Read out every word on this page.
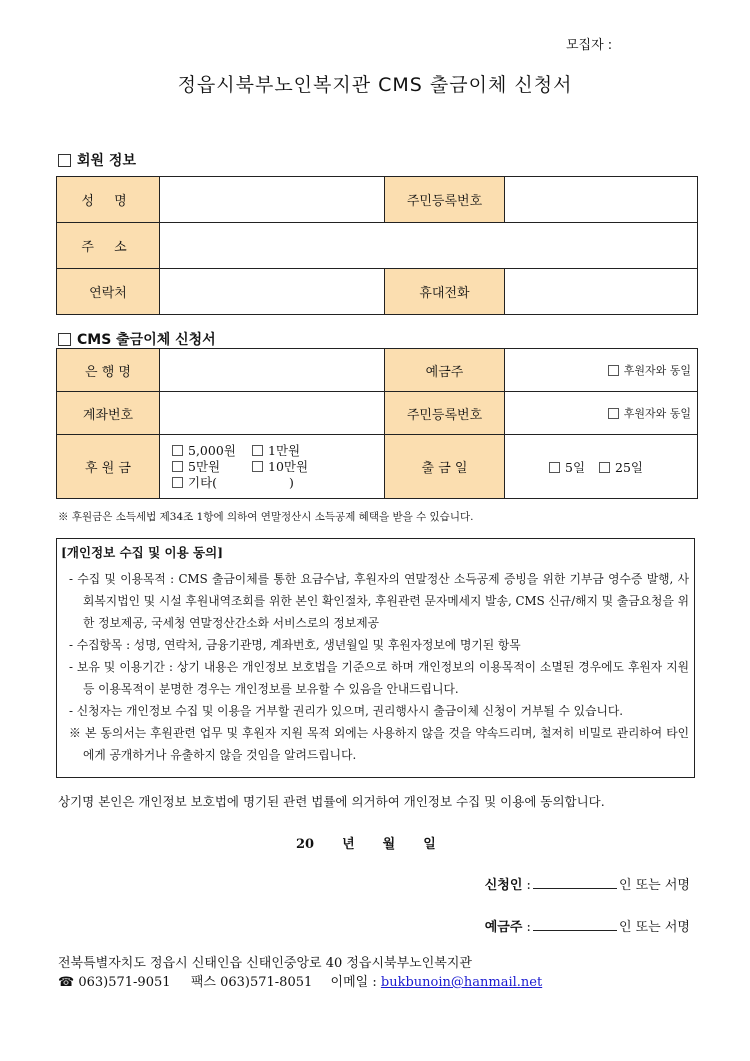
모집자 :
정읍시북부노인복지관 CMS 출금이체 신청서
회원 정보
성 명		주민등록번호	
주 소			
연락처		휴대전화	
CMS 출금이체 신청서
은 행 명		예금주	후원자와 동일
계좌번호		주민등록번호	후원자와 동일
후 원 금	5,000원 1만원
5만원 10만원
기타( )	출 금 일	5일 25일
※ 후원금은 소득세법 제34조 1항에 의하여 연말정산시 소득공제 혜택을 받을 수 있습니다.
[개인정보 수집 및 이용 동의]
- 수집 및 이용목적 : CMS 출금이체를 통한 요금수납, 후원자의 연말정산 소득공제 증빙을 위한 기부금 영수증 발행, 사회복지법인 및 시설 후원내역조회를 위한 본인 확인절차, 후원관련 문자메세지 발송, CMS 신규/해지 및 출금요청을 위한 정보제공, 국세청 연말정산간소화 서비스로의 정보제공
- 수집항목 : 성명, 연락처, 금융기관명, 계좌번호, 생년월일 및 후원자정보에 명기된 항목
- 보유 및 이용기간 : 상기 내용은 개인정보 보호법을 기준으로 하며 개인정보의 이용목적이 소멸된 경우에도 후원자 지원 등 이용목적이 분명한 경우는 개인정보를 보유할 수 있음을 안내드립니다.
- 신청자는 개인정보 수집 및 이용을 거부할 권리가 있으며, 권리행사시 출금이체 신청이 거부될 수 있습니다.
※ 본 동의서는 후원관련 업무 및 후원자 지원 목적 외에는 사용하지 않을 것을 약속드리며, 철저히 비밀로 관리하여 타인에게 공개하거나 유출하지 않을 것임을 알려드립니다.
상기명 본인은 개인정보 보호법에 명기된 관련 법률에 의거하여 개인정보 수집 및 이용에 동의합니다.
20 년 월 일
신청인 :	인 또는 서명
예금주 :	인 또는 서명
전북특별자치도 정읍시 신태인읍 신태인중앙로 40 정읍시북부노인복지관
☎ 063)571-9051 팩스 063)571-8051 이메일 : bukbunoin@hanmail.net
